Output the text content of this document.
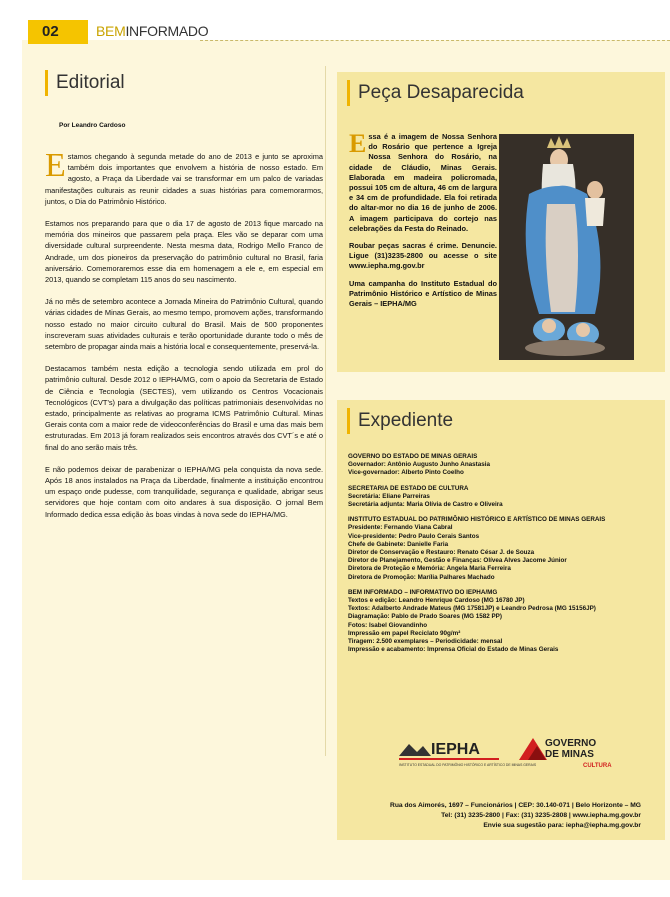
02	BEMINFORMADO
Editorial
Por Leandro Cardoso

Estamos chegando à segunda metade do ano de 2013 e junto se aproxima também dois importantes que envolvem a história de nosso estado. Em agosto, a Praça da Liberdade vai se transformar em um palco de variadas manifestações culturais as reunir cidades a suas histórias para comemorarmos, juntos, o Dia do Patrimônio Histórico.

Estamos nos preparando para que o dia 17 de agosto de 2013 fique marcado na memória dos mineiros que passarem pela praça. Eles vão se deparar com uma diversidade cultural surpreendente. Nesta mesma data, Rodrigo Mello Franco de Andrade, um dos pioneiros da preservação do patrimônio cultural no Brasil, faria aniversário. Comemoraremos esse dia em homenagem a ele e, em especial em 2013, quando se completam 115 anos do seu nascimento.

Já no mês de setembro acontece a Jornada Mineira do Patrimônio Cultural, quando várias cidades de Minas Gerais, ao mesmo tempo, promovem ações, transformando nosso estado no maior circuito cultural do Brasil. Mais de 500 proponentes inscreveram suas atividades culturais e terão oportunidade durante todo o mês de setembro de propagar ainda mais a história local e consequentemente, preservá-la.

Destacamos também nesta edição a tecnologia sendo utilizada em prol do patrimônio cultural. Desde 2012 o IEPHA/MG, com o apoio da Secretaria de Estado de Ciência e Tecnologia (SECTES), vem utilizando os Centros Vocacionais Tecnológicos (CVT's) para a divulgação das políticas patrimoniais desenvolvidas no estado, principalmente as relativas ao programa ICMS Patrimônio Cultural. Minas Gerais conta com a maior rede de videoconferências do Brasil e uma das mais bem estruturadas. Em 2013 já foram realizados seis encontros através dos CVT´s e até o final do ano serão mais três.

E não podemos deixar de parabenizar o IEPHA/MG pela conquista da nova sede. Após 18 anos instalados na Praça da Liberdade, finalmente a instituição encontrou um espaço onde pudesse, com tranquilidade, segurança e qualidade, abrigar seus servidores que hoje contam com oito andares à sua disposição. O jornal Bem Informado dedica essa edição às boas vindas à nova sede do IEPHA/MG.

Peça Desaparecida

Essa é a imagem de Nossa Senhora do Rosário que pertence a Igreja Nossa Senhora do Rosário, na cidade de Cláudio, Minas Gerais. Elaborada em madeira policromada, possui 105 cm de altura, 46 cm de largura e 34 cm de profundidade. Ela foi retirada do altar-mor no dia 16 de junho de 2006. A imagem participava do cortejo nas celebrações da Festa do Reinado.

Roubar peças sacras é crime. Denuncie. Ligue (31)3235-2800 ou acesse o site www.iepha.mg.gov.br

Uma campanha do Instituto Estadual do Patrimônio Histórico e Artístico de Minas Gerais – IEPHA/MG

Expediente
GOVERNO DO ESTADO DE MINAS GERAIS
Governador: Antônio Augusto Junho Anastasia
Vice-governador: Alberto Pinto Coelho
SECRETARIA DE ESTADO DE CULTURA
Secretária: Eliane Parreiras
Secretária adjunta: Maria Olívia de Castro e Oliveira
INSTITUTO ESTADUAL DO PATRIMÔNIO HISTÓRICO E ARTÍSTICO DE MINAS GERAIS
Presidente: Fernando Viana Cabral
Vice-presidente: Pedro Paulo Cerais Santos
Chefe de Gabinete: Danielle Faria
Diretor de Conservação e Restauro: Renato César J. de Souza
Diretor de Planejamento, Gestão e Finanças: Olívea Alves Jacome Júnior
Diretora de Proteção e Memória: Angela Maria Ferreira
Diretora de Promoção: Marília Palhares Machado
BEM INFORMADO – INFORMATIVO DO IEPHA/MG
Textos e edição: Leandro Henrique Cardoso (MG 16780 JP)
Textos: Adalberto Andrade Mateus (MG 17581JP) e Leandro Pedrosa (MG 15156JP)
Diagramação: Pablo de Prado Soares (MG 1582 PP)
Fotos: Isabel Giovandinho
Impressão em papel Reciclato 90g/m²
Tiragem: 2.500 exemplares – Periodicidade: mensal
Impressão e acabamento: Imprensa Oficial do Estado de Minas Gerais
IEPHA
INSTITUTO ESTADUAL DO PATRIMÔNIO HISTÓRICO E ARTÍSTICO DE MINAS GERAIS
GOVERNO
DE MINAS
CULTURA
Rua dos Aimorés, 1697 – Funcionários | CEP: 30.140-071 | Belo Horizonte – MG
Tel: (31) 3235-2800 | Fax: (31) 3235-2808 | www.iepha.mg.gov.br
Envie sua sugestão para: iepha@iepha.mg.gov.br
